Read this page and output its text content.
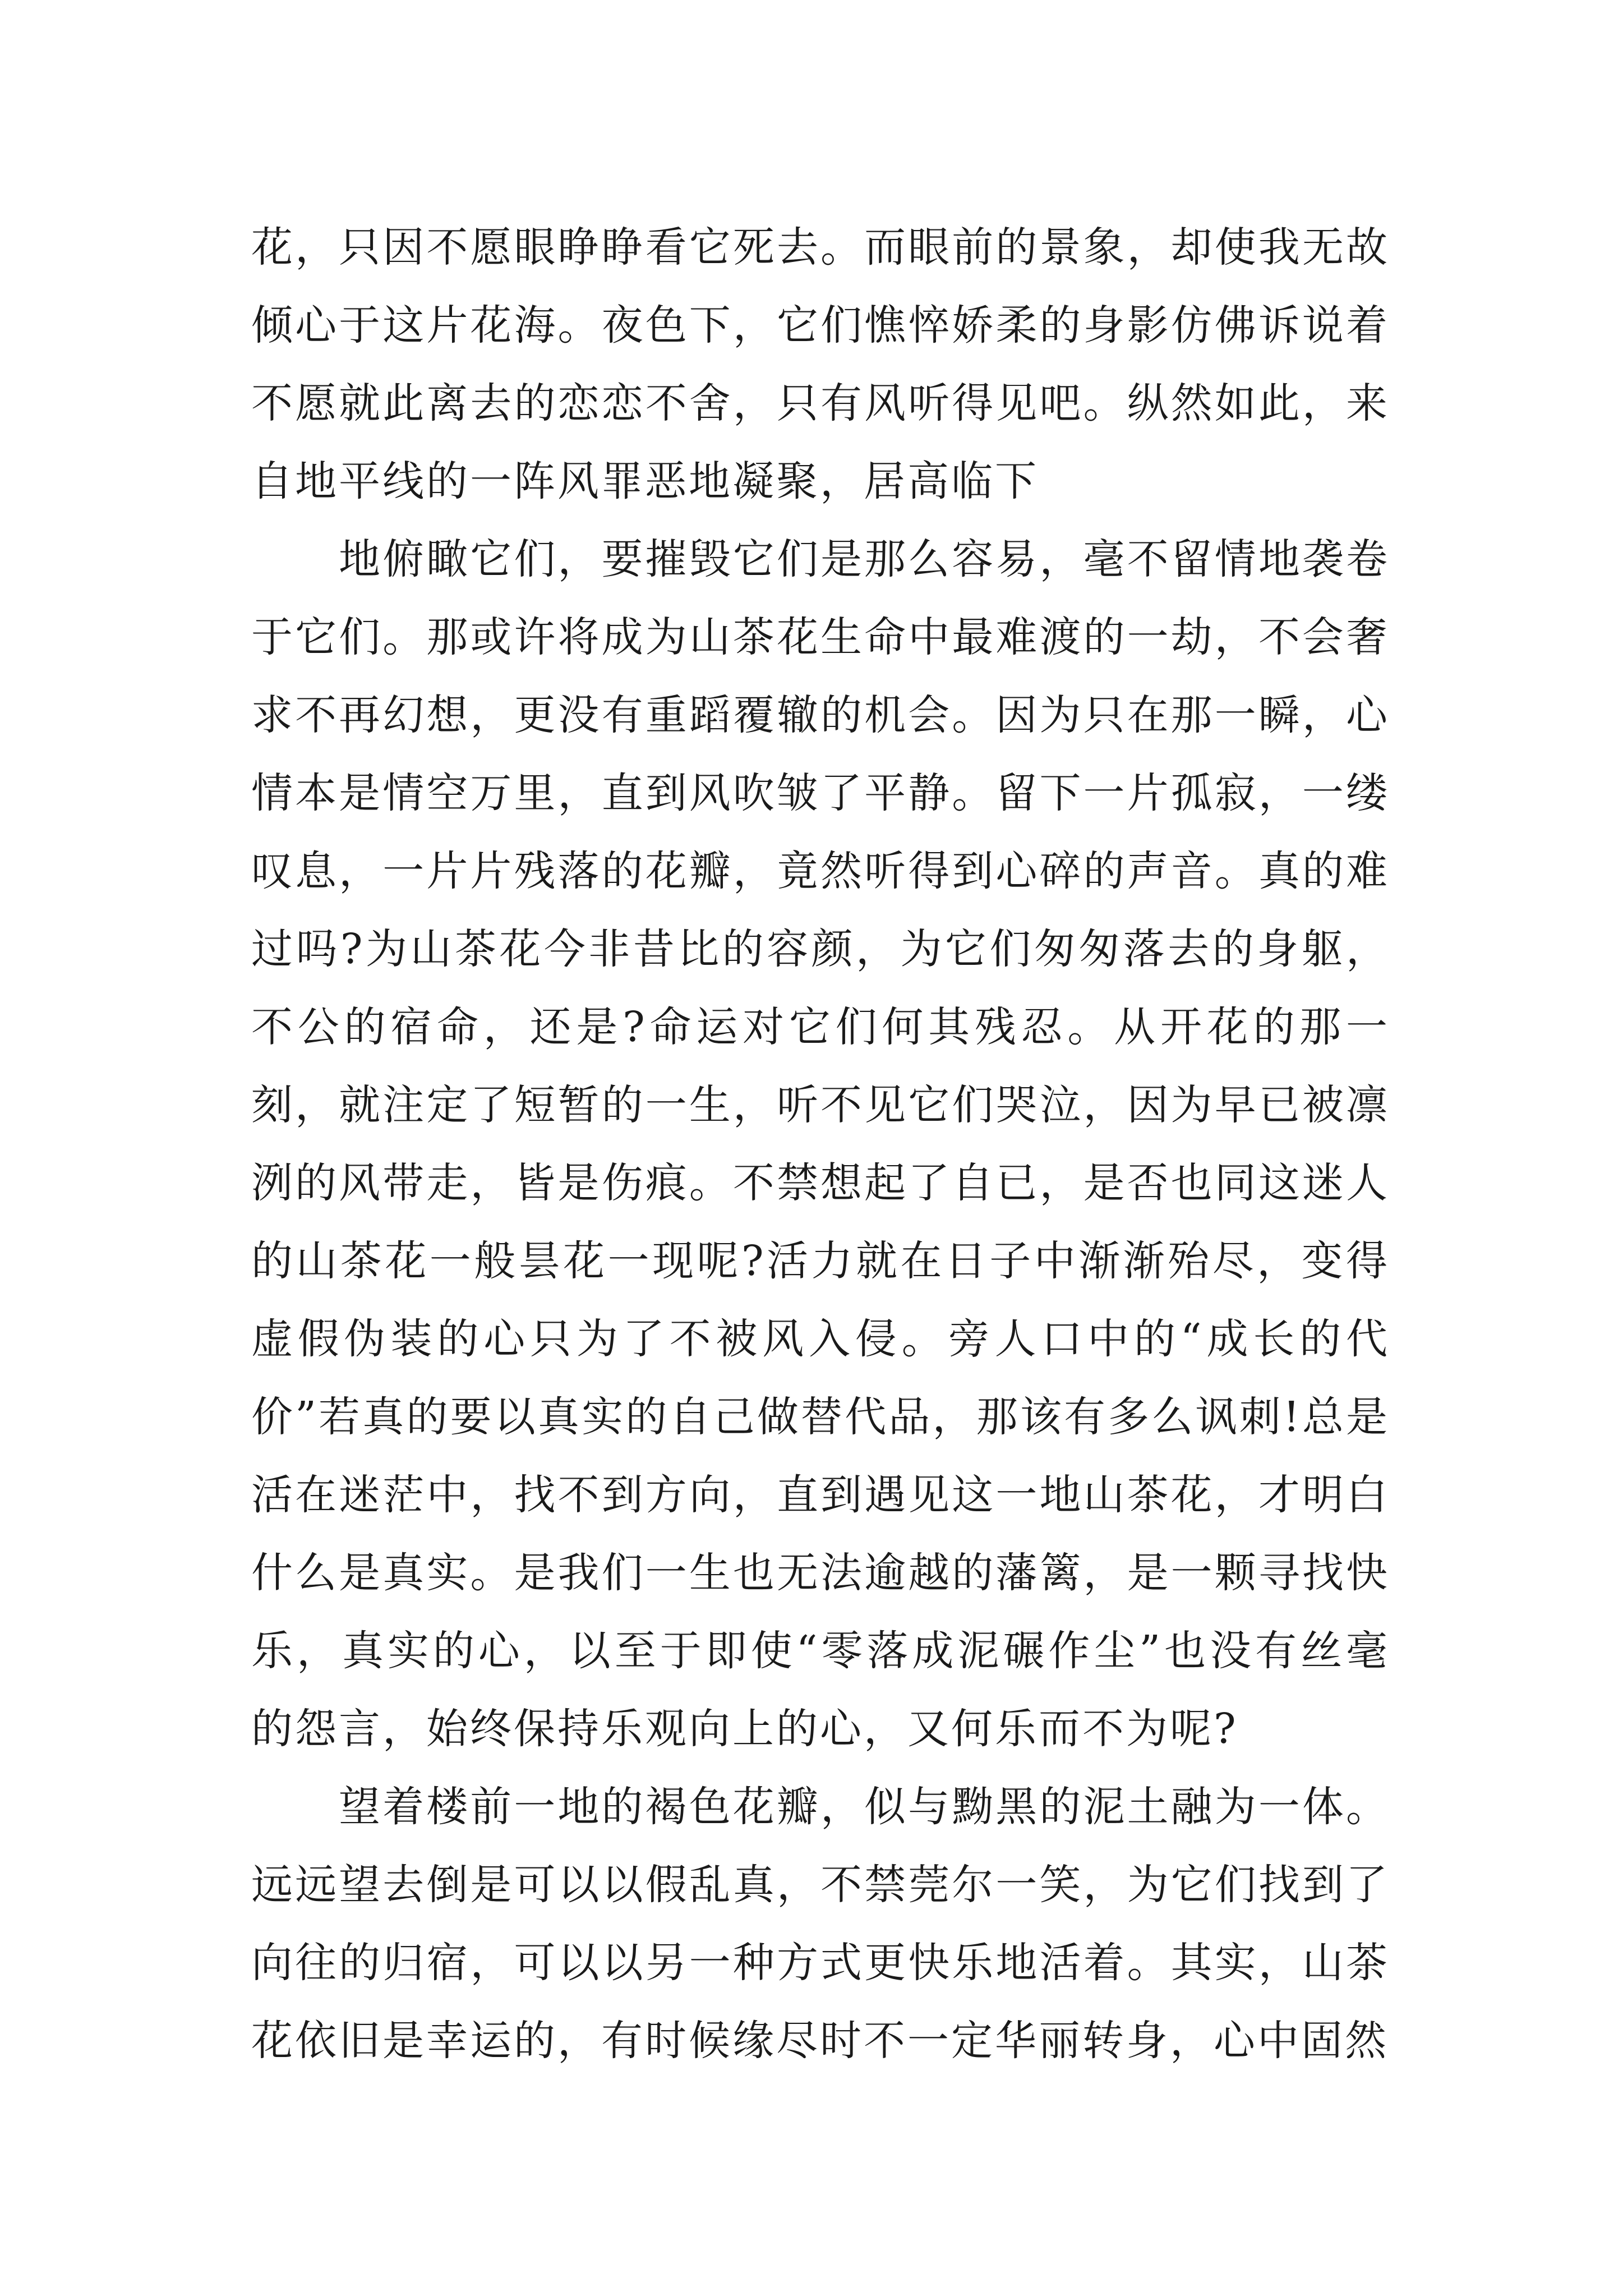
花，只因不愿眼睁睁看它死去。而眼前的景象，却使我无故倾心于这片花海。夜色下，它们憔悴娇柔的身影仿佛诉说着不愿就此离去的恋恋不舍，只有风听得见吧。纵然如此，来自地平线的一阵风罪恶地凝聚，居高临下

地俯瞰它们，要摧毁它们是那么容易，毫不留情地袭卷于它们。那或许将成为山茶花生命中最难渡的一劫，不会奢求不再幻想，更没有重蹈覆辙的机会。因为只在那一瞬，心情本是情空万里，直到风吹皱了平静。留下一片孤寂，一缕叹息，一片片残落的花瓣，竟然听得到心碎的声音。真的难过吗?为山茶花今非昔比的容颜，为它们匆匆落去的身躯，不公的宿命，还是?命运对它们何其残忍。从开花的那一刻，就注定了短暂的一生，听不见它们哭泣，因为早已被凛洌的风带走，皆是伤痕。不禁想起了自已，是否也同这迷人的山茶花一般昙花一现呢?活力就在日子中渐渐殆尽，变得虚假伪装的心只为了不被风入侵。旁人口中的“成长的代价”若真的要以真实的自己做替代品，那该有多么讽刺!总是活在迷茫中，找不到方向，直到遇见这一地山茶花，才明白什么是真实。是我们一生也无法逾越的藩篱，是一颗寻找快乐，真实的心，以至于即使“零落成泥碾作尘”也没有丝毫的怨言，始终保持乐观向上的心，又何乐而不为呢?

望着楼前一地的褐色花瓣，似与黝黑的泥土融为一体。远远望去倒是可以以假乱真，不禁莞尔一笑，为它们找到了向往的归宿，可以以另一种方式更快乐地活着。其实，山茶花依旧是幸运的，有时候缘尽时不一定华丽转身，心中固然
